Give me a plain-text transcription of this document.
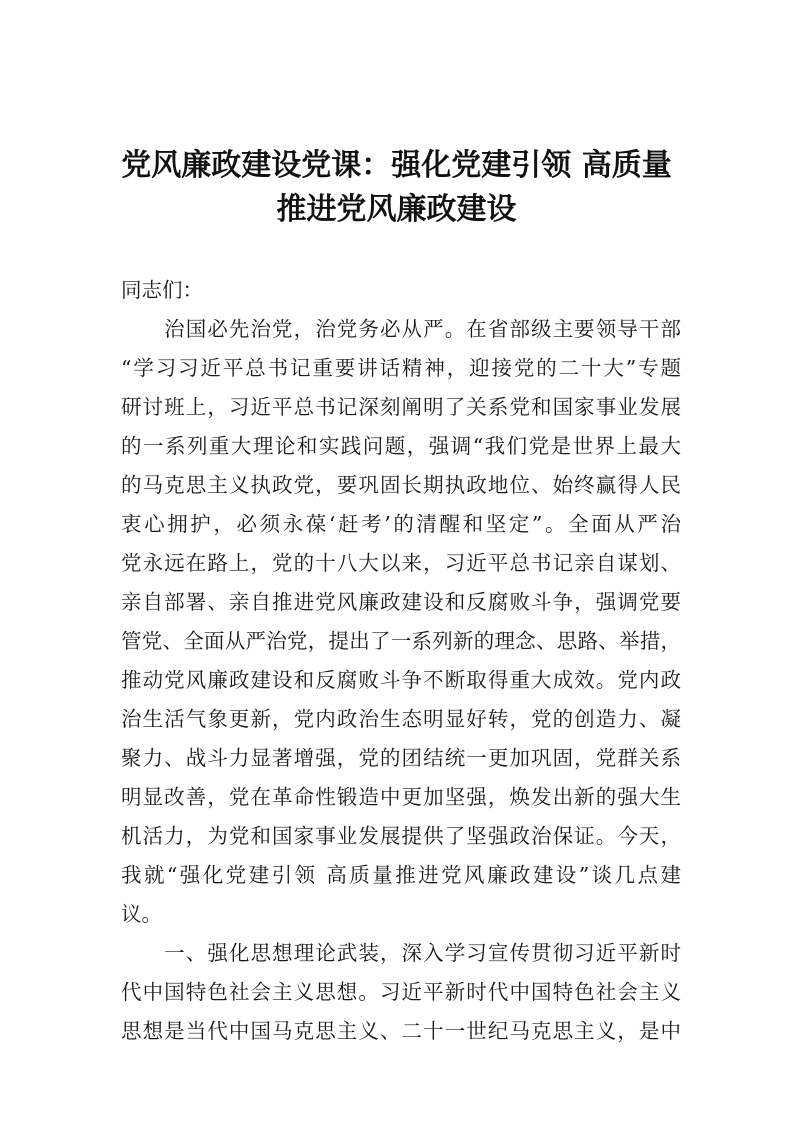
党风廉政建设党课：强化党建引领 高质量
推进党风廉政建设
同志们：
　　治国必先治党，治党务必从严。在省部级主要领导干部
“学习习近平总书记重要讲话精神，迎接党的二十大”专题
研讨班上，习近平总书记深刻阐明了关系党和国家事业发展
的一系列重大理论和实践问题，强调“我们党是世界上最大
的马克思主义执政党，要巩固长期执政地位、始终赢得人民
衷心拥护，必须永葆‘赶考’的清醒和坚定”。全面从严治
党永远在路上，党的十八大以来，习近平总书记亲自谋划、
亲自部署、亲自推进党风廉政建设和反腐败斗争，强调党要
管党、全面从严治党，提出了一系列新的理念、思路、举措，
推动党风廉政建设和反腐败斗争不断取得重大成效。党内政
治生活气象更新，党内政治生态明显好转，党的创造力、凝
聚力、战斗力显著增强，党的团结统一更加巩固，党群关系
明显改善，党在革命性锻造中更加坚强，焕发出新的强大生
机活力，为党和国家事业发展提供了坚强政治保证。今天，
我就“强化党建引领 高质量推进党风廉政建设”谈几点建
议。
　　一、强化思想理论武装，深入学习宣传贯彻习近平新时
代中国特色社会主义思想。习近平新时代中国特色社会主义
思想是当代中国马克思主义、二十一世纪马克思主义，是中
